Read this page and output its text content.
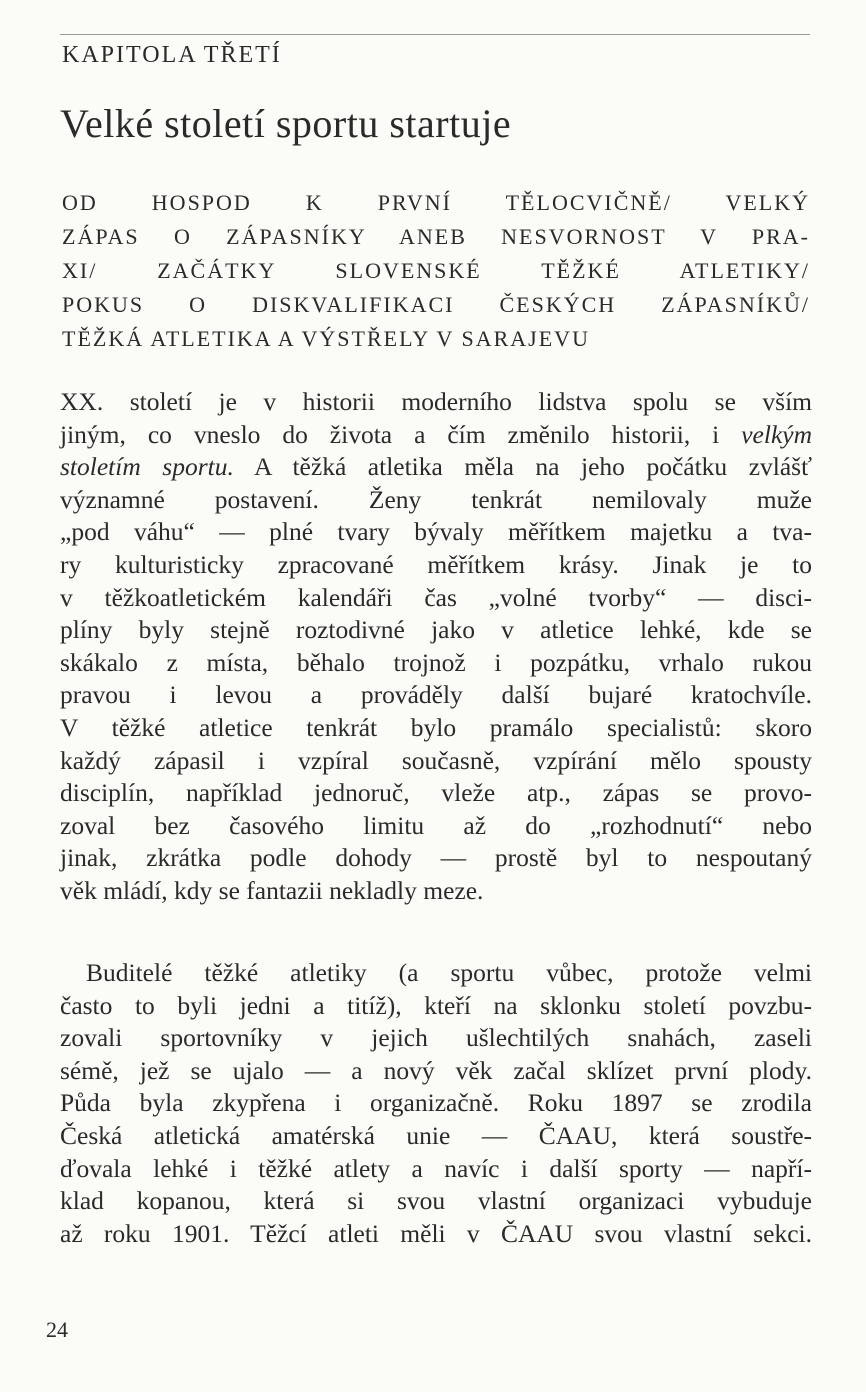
KAPITOLA TŘETÍ
Velké století sportu startuje
OD HOSPOD K PRVNÍ TĚLOCVIČNĚ/ VELKÝ
ZÁPAS O ZÁPASNÍKY ANEB NESVORNOST V PRA-
XI/ ZAČÁTKY SLOVENSKÉ TĚŽKÉ ATLETIKY/
POKUS O DISKVALIFIKACI ČESKÝCH ZÁPASNÍKŮ/
TĚŽKÁ ATLETIKA A VÝSTŘELY V SARAJEVU
XX. století je v historii moderního lidstva spolu se vším
jiným, co vneslo do života a čím změnilo historii, i velkým
stoletím sportu. A těžká atletika měla na jeho počátku zvlášť
významné postavení. Ženy tenkrát nemilovaly muže
„pod váhu“ — plné tvary bývaly měřítkem majetku a tva-
ry kulturisticky zpracované měřítkem krásy. Jinak je to
v těžkoatletickém kalendáři čas „volné tvorby“ — disci-
plíny byly stejně roztodivné jako v atletice lehké, kde se
skákalo z místa, běhalo trojnož i pozpátku, vrhalo rukou
pravou i levou a prováděly další bujaré kratochvíle.
V těžké atletice tenkrát bylo pramálo specialistů: skoro
každý zápasil i vzpíral současně, vzpírání mělo spousty
disciplín, například jednoruč, vleže atp., zápas se provo-
zoval bez časového limitu až do „rozhodnutí“ nebo
jinak, zkrátka podle dohody — prostě byl to nespoutaný
věk mládí, kdy se fantazii nekladly meze.
Buditelé těžké atletiky (a sportu vůbec, protože velmi
často to byli jedni a titíž), kteří na sklonku století povzbu-
zovali sportovníky v jejich ušlechtilých snahách, zaseli
sémě, jež se ujalo — a nový věk začal sklízet první plody.
Půda byla zkypřena i organizačně. Roku 1897 se zrodila
Česká atletická amatérská unie — ČAAU, která soustře-
ďovala lehké i těžké atlety a navíc i další sporty — napří-
klad kopanou, která si svou vlastní organizaci vybuduje
až roku 1901. Těžcí atleti měli v ČAAU svou vlastní sekci.
24
